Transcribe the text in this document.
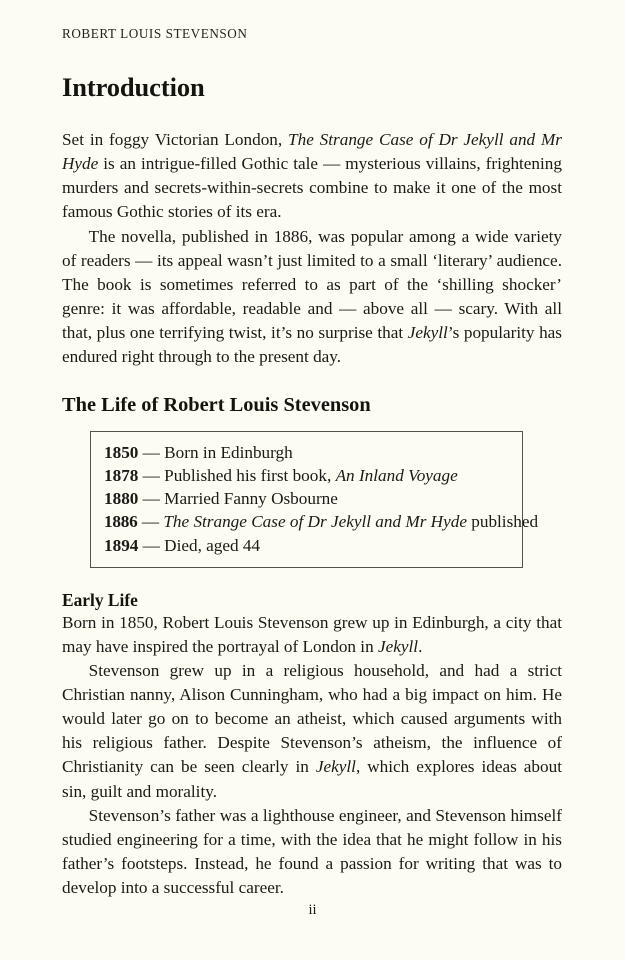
ROBERT LOUIS STEVENSON
Introduction

Set in foggy Victorian London, The Strange Case of Dr Jekyll and Mr Hyde is an intrigue-filled Gothic tale — mysterious villains, frightening murders and secrets-within-secrets combine to make it one of the most famous Gothic stories of its era.

The novella, published in 1886, was popular among a wide variety of readers — its appeal wasn’t just limited to a small ‘literary’ audience. The book is sometimes referred to as part of the ‘shilling shocker’ genre: it was affordable, readable and — above all — scary. With all that, plus one terrifying twist, it’s no surprise that Jekyll’s popularity has endured right through to the present day.

The Life of Robert Louis Stevenson
1850 — Born in Edinburgh
1878 — Published his first book, An Inland Voyage
1880 — Married Fanny Osbourne
1886 — The Strange Case of Dr Jekyll and Mr Hyde published
1894 — Died, aged 44
Early Life

Born in 1850, Robert Louis Stevenson grew up in Edinburgh, a city that may have inspired the portrayal of London in Jekyll.

Stevenson grew up in a religious household, and had a strict Christian nanny, Alison Cunningham, who had a big impact on him. He would later go on to become an atheist, which caused arguments with his religious father. Despite Stevenson’s atheism, the influence of Christianity can be seen clearly in Jekyll, which explores ideas about sin, guilt and morality.

Stevenson’s father was a lighthouse engineer, and Stevenson himself studied engineering for a time, with the idea that he might follow in his father’s footsteps. Instead, he found a passion for writing that was to develop into a successful career.

ii
